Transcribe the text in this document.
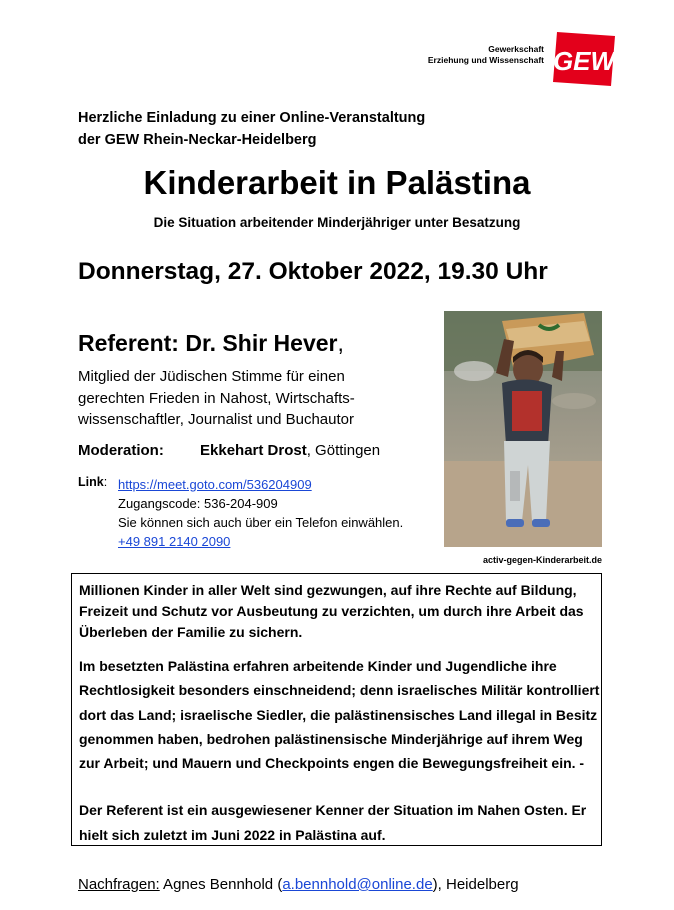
Gewerkschaft
Erziehung und Wissenschaft GEW
Herzliche Einladung zu einer Online-Veranstaltung
der GEW Rhein-Neckar-Heidelberg
Kinderarbeit in Palästina
Die Situation arbeitender Minderjähriger unter Besatzung
Donnerstag, 27. Oktober 2022, 19.30 Uhr
Referent: Dr. Shir Hever,
Mitglied der Jüdischen Stimme für einen
gerechten Frieden in Nahost, Wirtschafts-
wissenschaftler, Journalist und Buchautor
Moderation: Ekkehart Drost, Göttingen
Link: https://meet.goto.com/536204909
Zugangscode: 536-204-909
Sie können sich auch über ein Telefon einwählen.
+49 891 2140 2090
activ-gegen-Kinderarbeit.de
Millionen Kinder in aller Welt sind gezwungen, auf ihre Rechte auf Bildung, Freizeit und Schutz vor Ausbeutung zu verzichten, um durch ihre Arbeit das Überleben der Familie zu sichern.
Im besetzten Palästina erfahren arbeitende Kinder und Jugendliche ihre Rechtlosigkeit besonders einschneidend; denn israelisches Militär kontrolliert dort das Land; israelische Siedler, die palästinensisches Land illegal in Besitz genommen haben, bedrohen palästinensische Minderjährige auf ihrem Weg zur Arbeit; und Mauern und Checkpoints engen die Bewegungsfreiheit ein. -
Der Referent ist ein ausgewiesener Kenner der Situation im Nahen Osten. Er hielt sich zuletzt im Juni 2022 in Palästina auf.
Nachfragen: Agnes Bennhold (a.bennhold@online.de), Heidelberg
